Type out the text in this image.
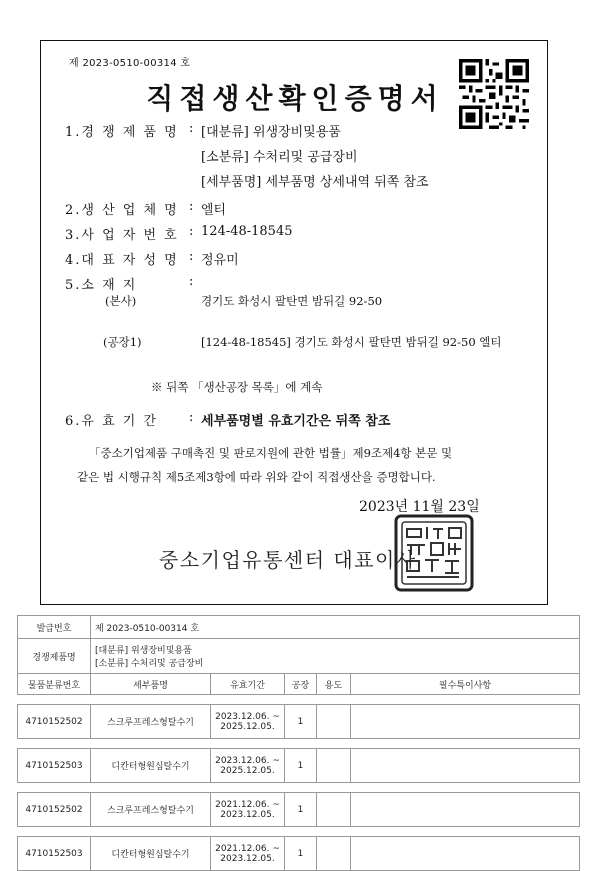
제 2023-0510-00314 호
직접생산확인증명서
1.경 쟁 제 품 명 : [대분류] 위생장비및용품
[소분류] 수처리및 공급장비
[세부품명] 세부품명 상세내역 뒤쪽 참조
2.생 산 업 체 명 : 엘티
3.사 업 자 번 호 : 124-48-18545
4.대 표 자 성 명 : 정유미
5.소 재 지	:
(본사)	경기도 화성시 팔탄면 밤뒤길 92-50
(공장1)	[124-48-18545] 경기도 화성시 팔탄면 밤뒤길 92-50 엘티
※ 뒤쪽 「생산공장 목록」에 계속
6.유 효 기 간 : 세부품명별 유효기간은 뒤쪽 참조
「중소기업제품 구매촉진 및 판로지원에 관한 법률」제9조제4항 본문 및
같은 법 시행규칙 제5조제3항에 따라 위와 같이 직접생산을 증명합니다.
2023년 11월 23일
중소기업유통센터 대표이사
발급번호	제 2023-0510-00314 호				
경쟁제품명	[대분류] 위생장비및용품
[소분류] 수처리및 공급장비				

물품분류번호	세부품명	유효기간	공장	용도	필수특이사항

4710152502	스크루프레스형탈수기	2023.12.06. ~
2025.12.05.	1		

4710152503	디칸터형원심탈수기	2023.12.06. ~
2025.12.05.	1		

4710152502	스크루프레스형탈수기	2021.12.06. ~
2023.12.05.	1		

4710152503	디칸터형원심탈수기	2021.12.06. ~
2023.12.05.	1		
